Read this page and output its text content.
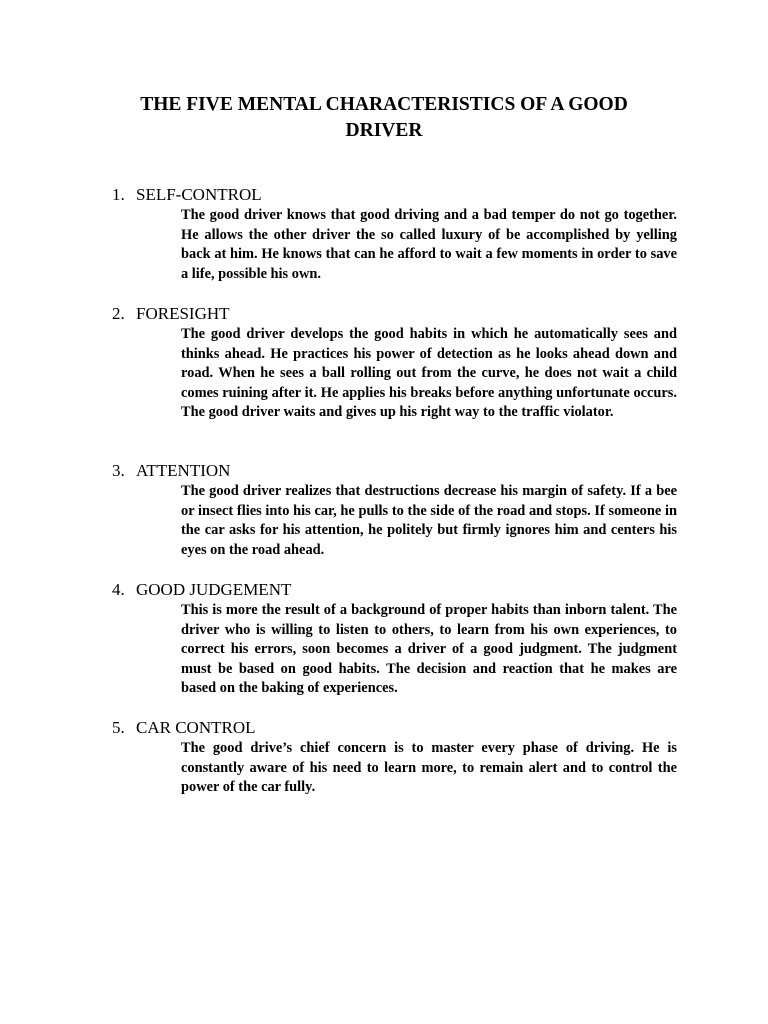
THE FIVE MENTAL CHARACTERISTICS OF A GOOD DRIVER

1. SELF-CONTROL

The good driver knows that good driving and a bad temper do not go together. He allows the other driver the so called luxury of be accomplished by yelling back at him. He knows that can he afford to wait a few moments in order to save a life, possible his own.

2. FORESIGHT

The good driver develops the good habits in which he automatically sees and thinks ahead. He practices his power of detection as he looks ahead down and road. When he sees a ball rolling out from the curve, he does not wait a child comes ruining after it. He applies his breaks before anything unfortunate occurs. The good driver waits and gives up his right way to the traffic violator.

3. ATTENTION

The good driver realizes that destructions decrease his margin of safety. If a bee or insect flies into his car, he pulls to the side of the road and stops. If someone in the car asks for his attention, he politely but firmly ignores him and centers his eyes on the road ahead.

4. GOOD JUDGEMENT

This is more the result of a background of proper habits than inborn talent. The driver who is willing to listen to others, to learn from his own experiences, to correct his errors, soon becomes a driver of a good judgment. The judgment must be based on good habits. The decision and reaction that he makes are based on the baking of experiences.

5. CAR CONTROL

The good drive’s chief concern is to master every phase of driving. He is constantly aware of his need to learn more, to remain alert and to control the power of the car fully.
